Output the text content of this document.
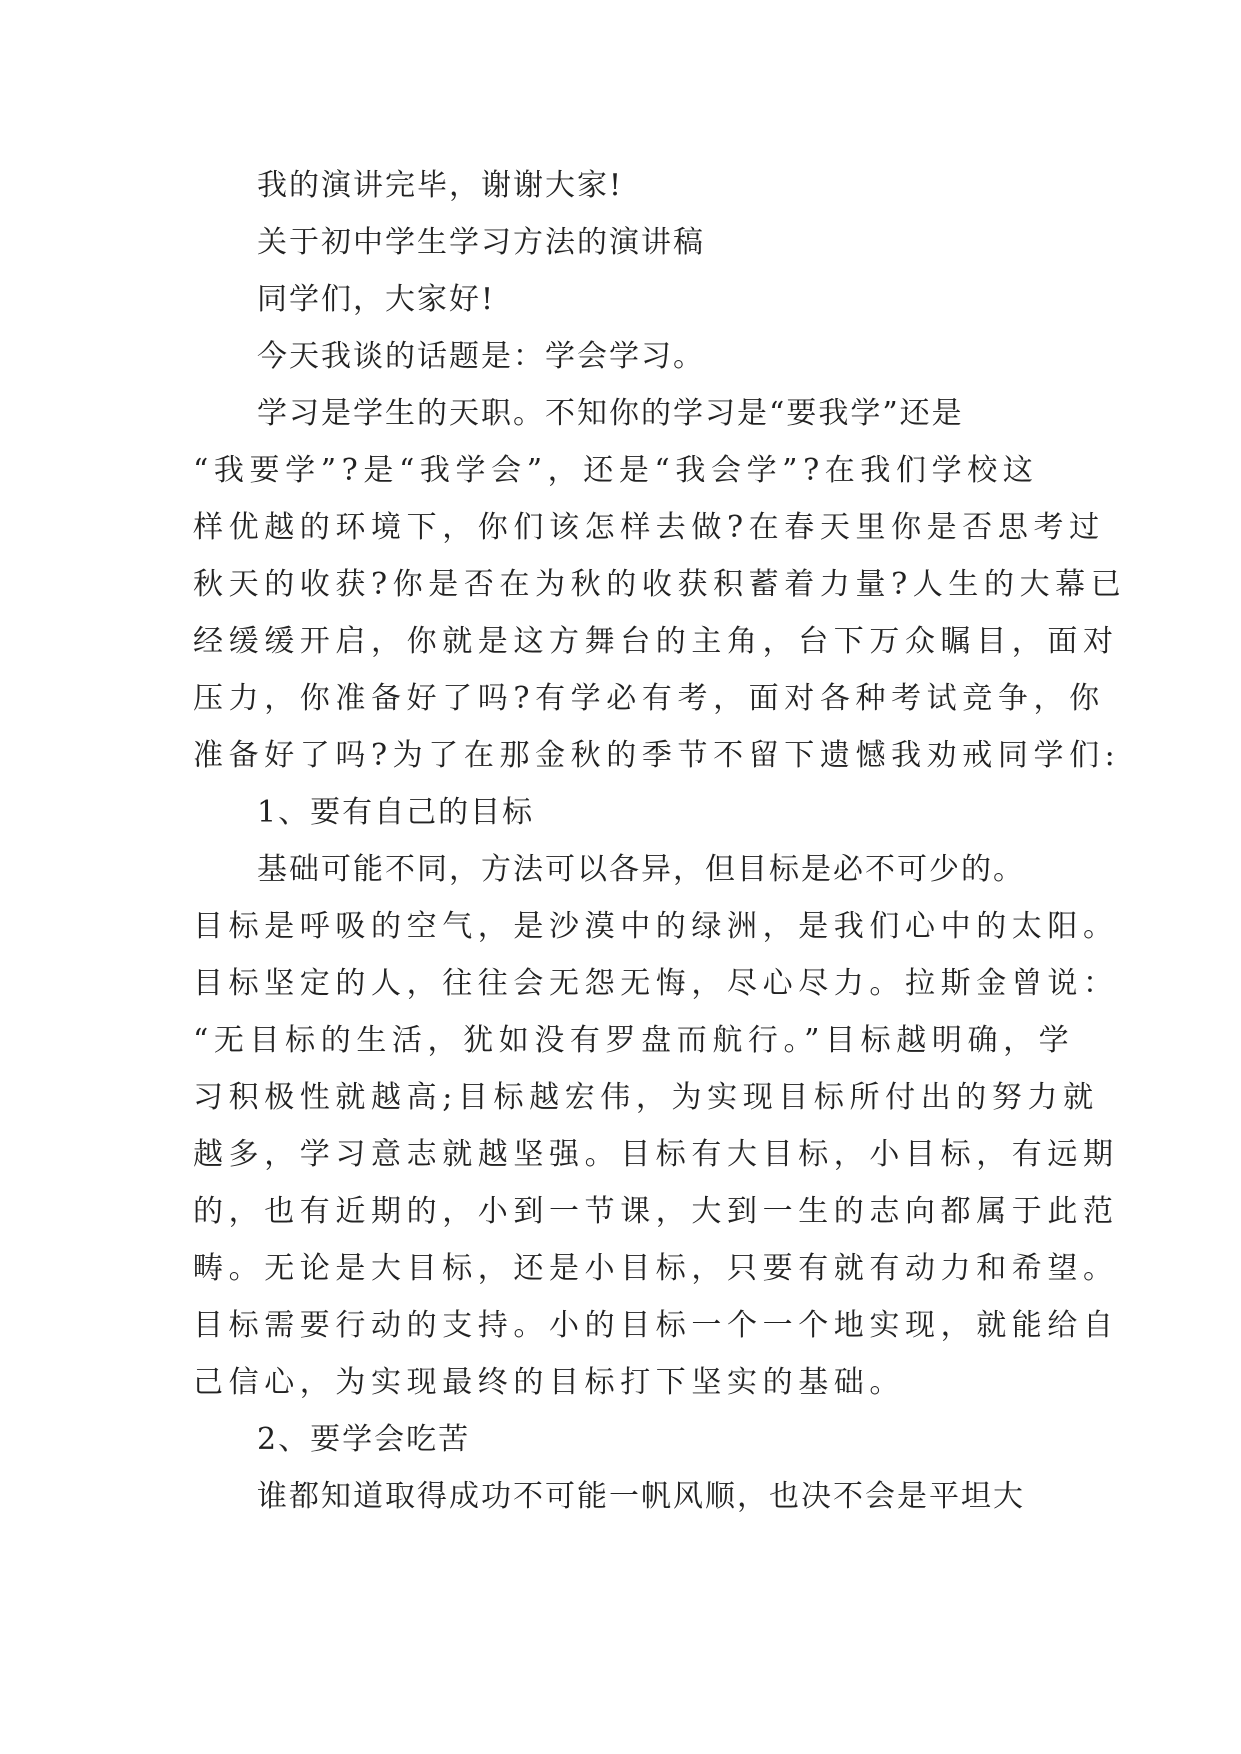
我的演讲完毕，谢谢大家!

关于初中学生学习方法的演讲稿

同学们，大家好!

今天我谈的话题是：学会学习。

学习是学生的天职。不知你的学习是“要我学”还是

“我要学”?是“我学会”，还是“我会学”?在我们学校这

样优越的环境下，你们该怎样去做?在春天里你是否思考过

秋天的收获?你是否在为秋的收获积蓄着力量?人生的大幕已

经缓缓开启，你就是这方舞台的主角，台下万众瞩目，面对

压力，你准备好了吗?有学必有考，面对各种考试竞争，你

准备好了吗?为了在那金秋的季节不留下遗憾我劝戒同学们:

1、要有自己的目标

基础可能不同，方法可以各异，但目标是必不可少的。

目标是呼吸的空气，是沙漠中的绿洲，是我们心中的太阳。

目标坚定的人，往往会无怨无悔，尽心尽力。拉斯金曾说：

“无目标的生活，犹如没有罗盘而航行。”目标越明确，学

习积极性就越高;目标越宏伟，为实现目标所付出的努力就

越多，学习意志就越坚强。目标有大目标，小目标，有远期

的，也有近期的，小到一节课，大到一生的志向都属于此范

畴。无论是大目标，还是小目标，只要有就有动力和希望。

目标需要行动的支持。小的目标一个一个地实现，就能给自

己信心，为实现最终的目标打下坚实的基础。

2、要学会吃苦

谁都知道取得成功不可能一帆风顺，也决不会是平坦大
